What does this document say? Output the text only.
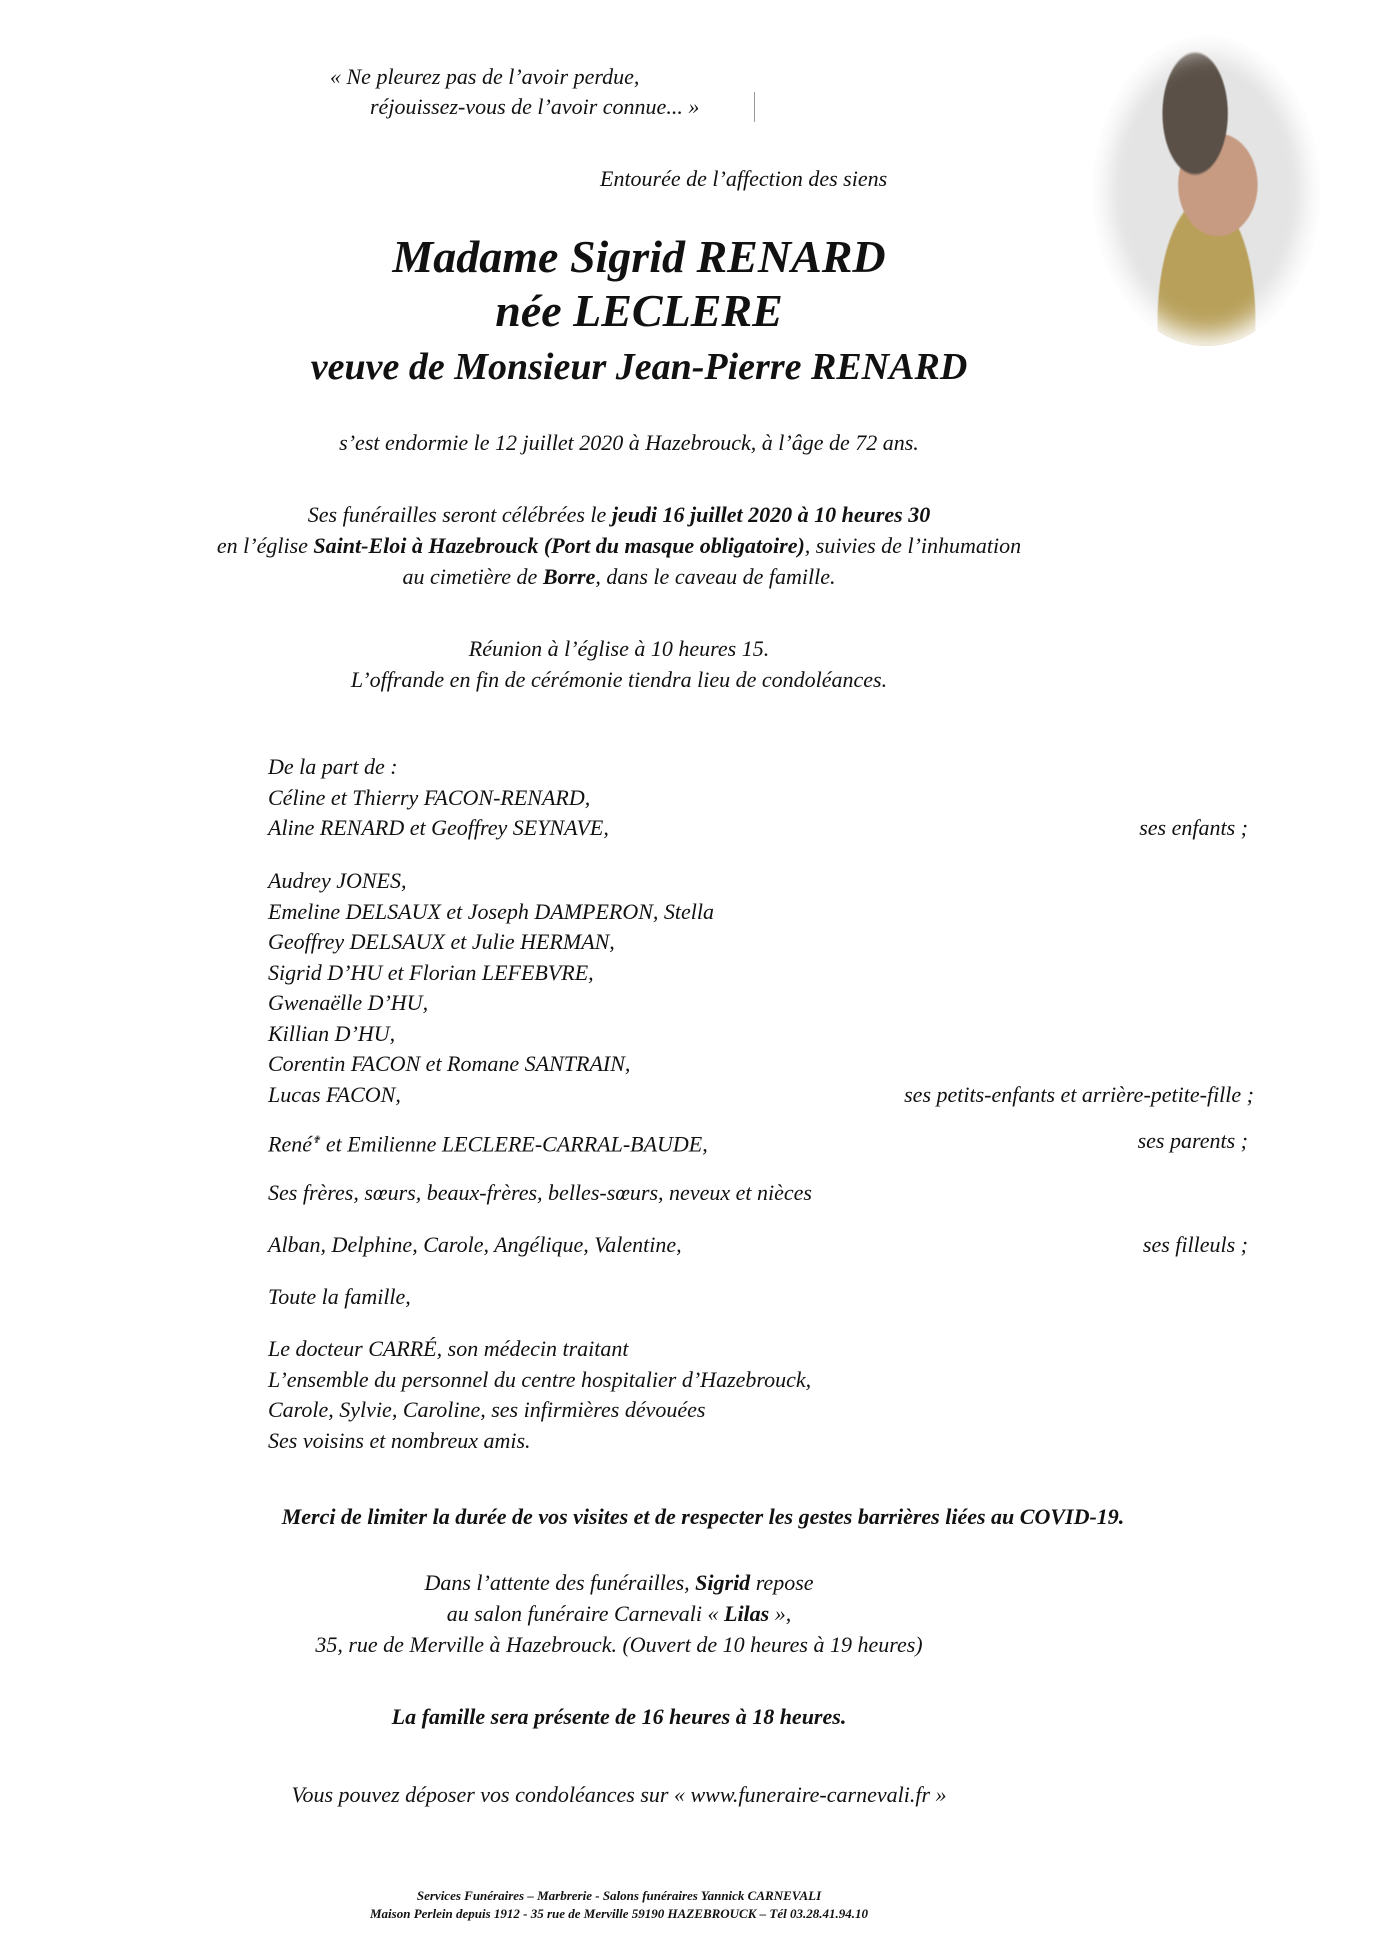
« Ne pleurez pas de l’avoir perdue,
réjouissez-vous de l’avoir connue... »
Entourée de l’affection des siens
Madame Sigrid RENARD
née LECLERE
veuve de Monsieur Jean-Pierre RENARD
s’est endormie le 12 juillet 2020 à Hazebrouck, à l’âge de 72 ans.
Ses funérailles seront célébrées le jeudi 16 juillet 2020 à 10 heures 30
en l’église Saint-Eloi à Hazebrouck (Port du masque obligatoire), suivies de l’inhumation
au cimetière de Borre, dans le caveau de famille.
Réunion à l’église à 10 heures 15.
L’offrande en fin de cérémonie tiendra lieu de condoléances.
De la part de :
Céline et Thierry FACON-RENARD,
Aline RENARD et Geoffrey SEYNAVE,	ses enfants ;
Audrey JONES,
Emeline DELSAUX et Joseph DAMPERON, Stella
Geoffrey DELSAUX et Julie HERMAN,
Sigrid D’HU et Florian LEFEBVRE,
Gwenaëlle D’HU,
Killian D’HU,
Corentin FACON et Romane SANTRAIN,
Lucas FACON,	ses petits-enfants et arrière-petite-fille ;
René✟ et Emilienne LECLERE-CARRAL-BAUDE,	ses parents ;
Ses frères, sœurs, beaux-frères, belles-sœurs, neveux et nièces
Alban, Delphine, Carole, Angélique, Valentine,	ses filleuls ;
Toute la famille,
Le docteur CARRÉ, son médecin traitant
L’ensemble du personnel du centre hospitalier d’Hazebrouck,
Carole, Sylvie, Caroline, ses infirmières dévouées
Ses voisins et nombreux amis.
Merci de limiter la durée de vos visites et de respecter les gestes barrières liées au COVID-19.
Dans l’attente des funérailles, Sigrid repose
au salon funéraire Carnevali « Lilas »,
35, rue de Merville à Hazebrouck. (Ouvert de 10 heures à 19 heures)
La famille sera présente de 16 heures à 18 heures.
Vous pouvez déposer vos condoléances sur « www.funeraire-carnevali.fr »
Services Funéraires – Marbrerie - Salons funéraires Yannick CARNEVALI
Maison Perlein depuis 1912 - 35 rue de Merville 59190 HAZEBROUCK – Tél 03.28.41.94.10
